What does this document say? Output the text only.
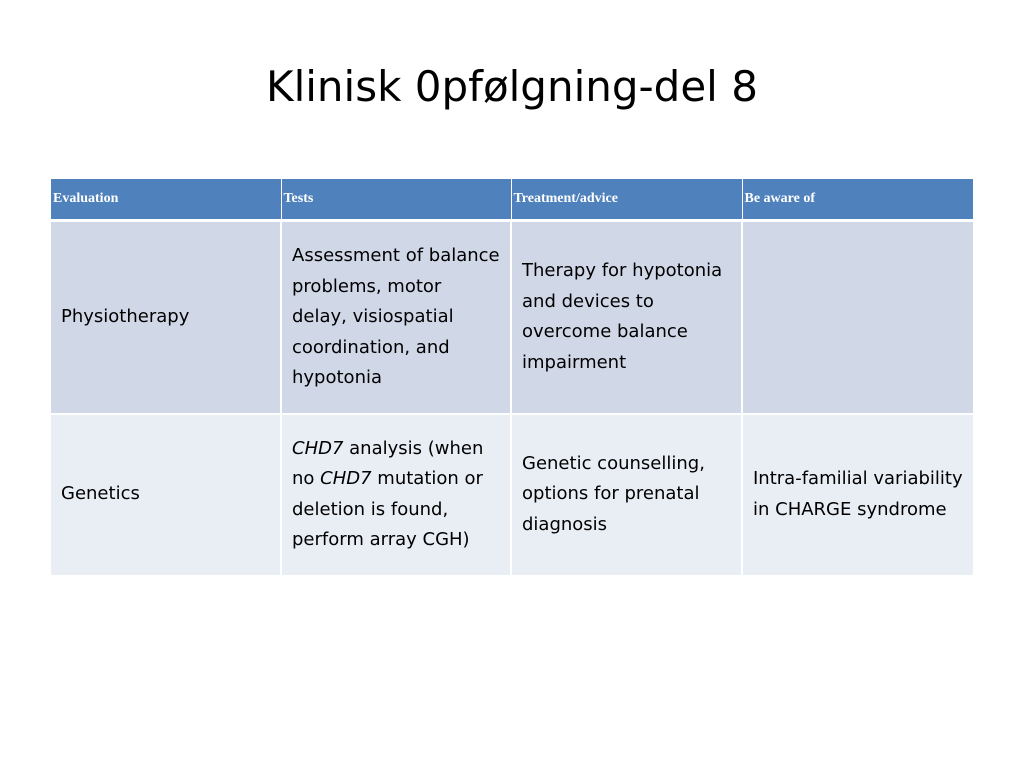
Klinisk 0pfølgning-del 8
Evaluation	Tests	Treatment/advice	Be aware of
Physiotherapy	Assessment of balance problems, motor delay, visiospatial coordination, and hypotonia	Therapy for hypotonia and devices to overcome balance impairment	
Genetics	CHD7 analysis (when no CHD7 mutation or deletion is found, perform array CGH)	Genetic counselling, options for prenatal diagnosis	Intra-familial variability in CHARGE syndrome
